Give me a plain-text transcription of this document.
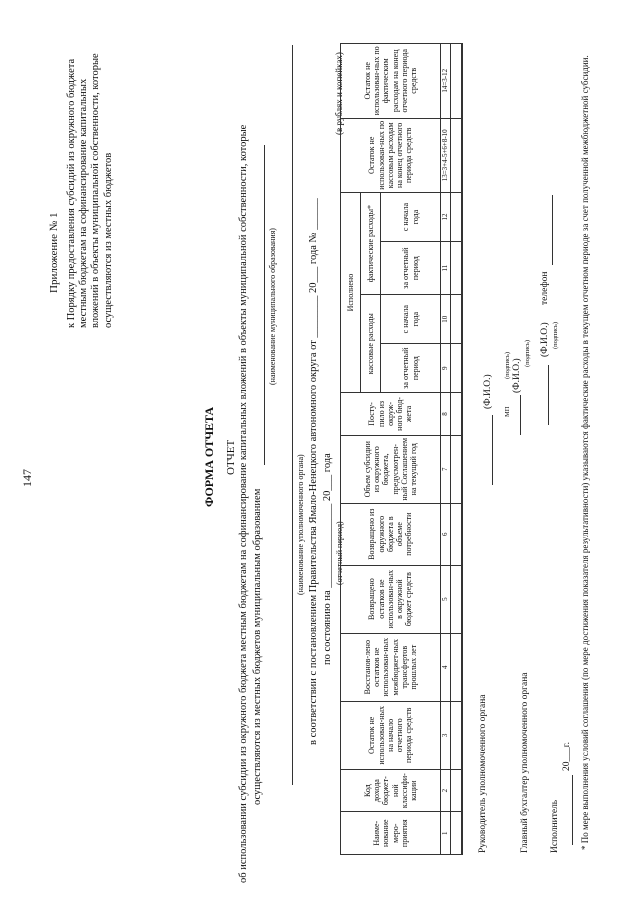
147
Приложение № 1 к Порядку предоставления субсидий из окружного бюджета местным бюджетам на софинансирование капитальных вложений в объекты муниципальной собственности, которые осуществляются из местных бюджетов
ФОРМА ОТЧЕТА ОТЧЕТ об использовании субсидии из окружного бюджета местным бюджетам на софинансирование капитальных вложений в объекты муниципальной собственности, которые осуществляются из местных бюджетов муниципальным образованием
(наименование муниципального образования)
(наименование уполномоченного органа) в соответствии с постановлением Правительства Ямало-Ненецкого автономного округа от ________ 20___ года № ______ по состоянию на ________________ 20___ года (отчетный период)
(в рублях и копейках)
Наиме-нование меро-приятия	Код дохода бюджет-ной классифи-кации	Остаток не использован-ных на начало отчетного периода средств	Восстанов-лено остатков не использован-ных межбюджет-ных трансфертов прошлых лет	Возвращено остатков не использован-ных в окружной бюджет средств	Возвращено из окружного бюджета в объеме потребности	Объем субсидии из окружного бюджета, предусмотрен-ный Соглашением на текущий год	Посту-пило из окруж-ного бюд-жета	Исполнено				Остаток не использован-ных по кассовым расходам на конец отчетного периода средств	Остаток не использован-ных по фактическим расходам на конец отчетного периода средств
								кассовые расходы		фактические расходы*			
								за отчетный период	с начала года	за отчетный период	с начала года		
1	2	3	4	5	6	7	8	9	10	11	12	13=3+4-5+6+8-10	14=3-12

Руководитель уполномоченного органа
(Ф.И.О.)
МП
(подпись)
Главный бухгалтер уполномоченного органа
(Ф.И.О.)
(подпись)
Исполнитель
(Ф.И.О.)
телефон
(подпись)
20___г. * По мере выполнения условий соглашения (по мере достижения показателя результативности) указываются фактические расходы в текущем отчетном периоде за счет полученной межбюджетной субсидии.
